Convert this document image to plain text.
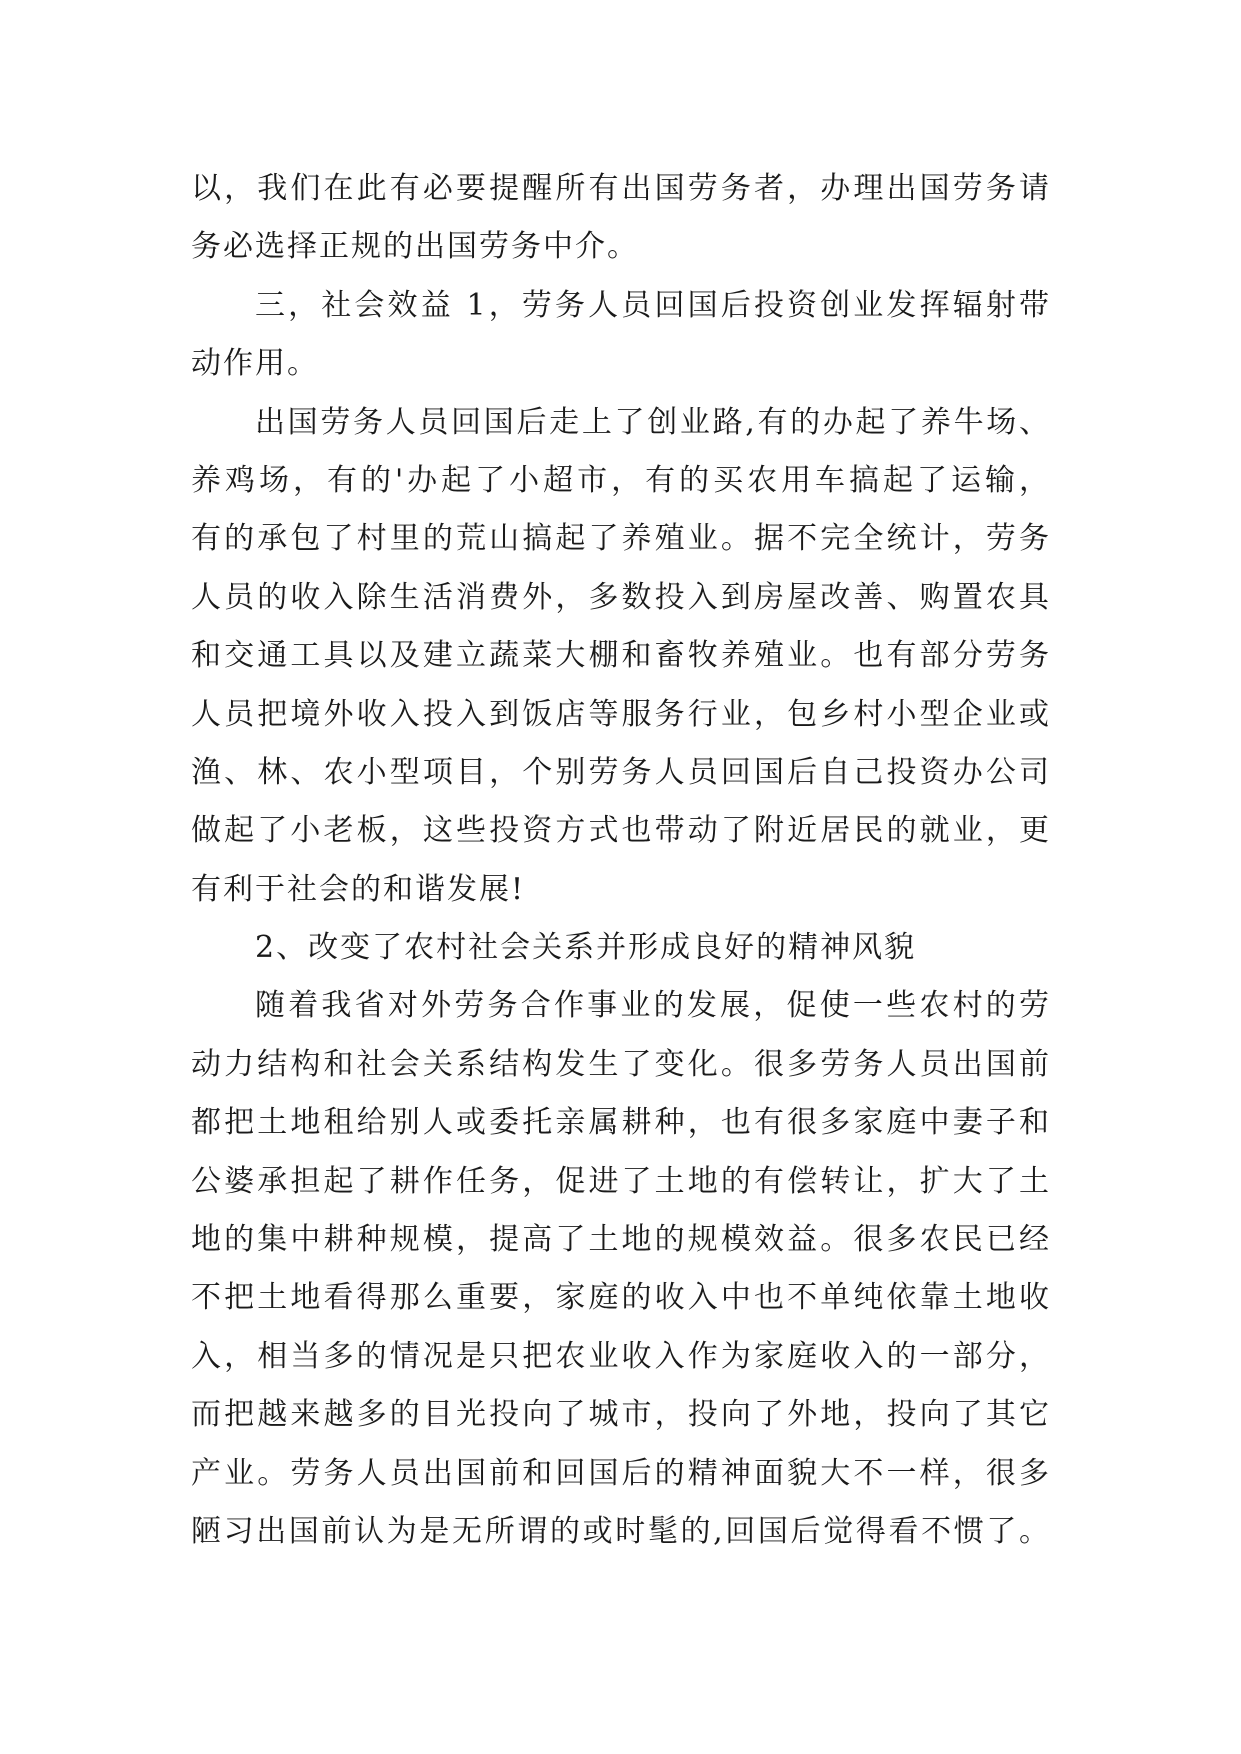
以，我们在此有必要提醒所有出国劳务者，办理出国劳务请
务必选择正规的出国劳务中介。
三，社会效益 1，劳务人员回国后投资创业发挥辐射带
动作用。
出国劳务人员回国后走上了创业路,有的办起了养牛场、
养鸡场，有的'办起了小超市，有的买农用车搞起了运输，
有的承包了村里的荒山搞起了养殖业。据不完全统计，劳务
人员的收入除生活消费外，多数投入到房屋改善、购置农具
和交通工具以及建立蔬菜大棚和畜牧养殖业。也有部分劳务
人员把境外收入投入到饭店等服务行业，包乡村小型企业或
渔、林、农小型项目，个别劳务人员回国后自己投资办公司
做起了小老板，这些投资方式也带动了附近居民的就业，更
有利于社会的和谐发展!
2、改变了农村社会关系并形成良好的精神风貌
随着我省对外劳务合作事业的发展，促使一些农村的劳
动力结构和社会关系结构发生了变化。很多劳务人员出国前
都把土地租给别人或委托亲属耕种，也有很多家庭中妻子和
公婆承担起了耕作任务，促进了土地的有偿转让，扩大了土
地的集中耕种规模，提高了土地的规模效益。很多农民已经
不把土地看得那么重要，家庭的收入中也不单纯依靠土地收
入，相当多的情况是只把农业收入作为家庭收入的一部分，
而把越来越多的目光投向了城市，投向了外地，投向了其它
产业。劳务人员出国前和回国后的精神面貌大不一样，很多
陋习出国前认为是无所谓的或时髦的,回国后觉得看不惯了。
